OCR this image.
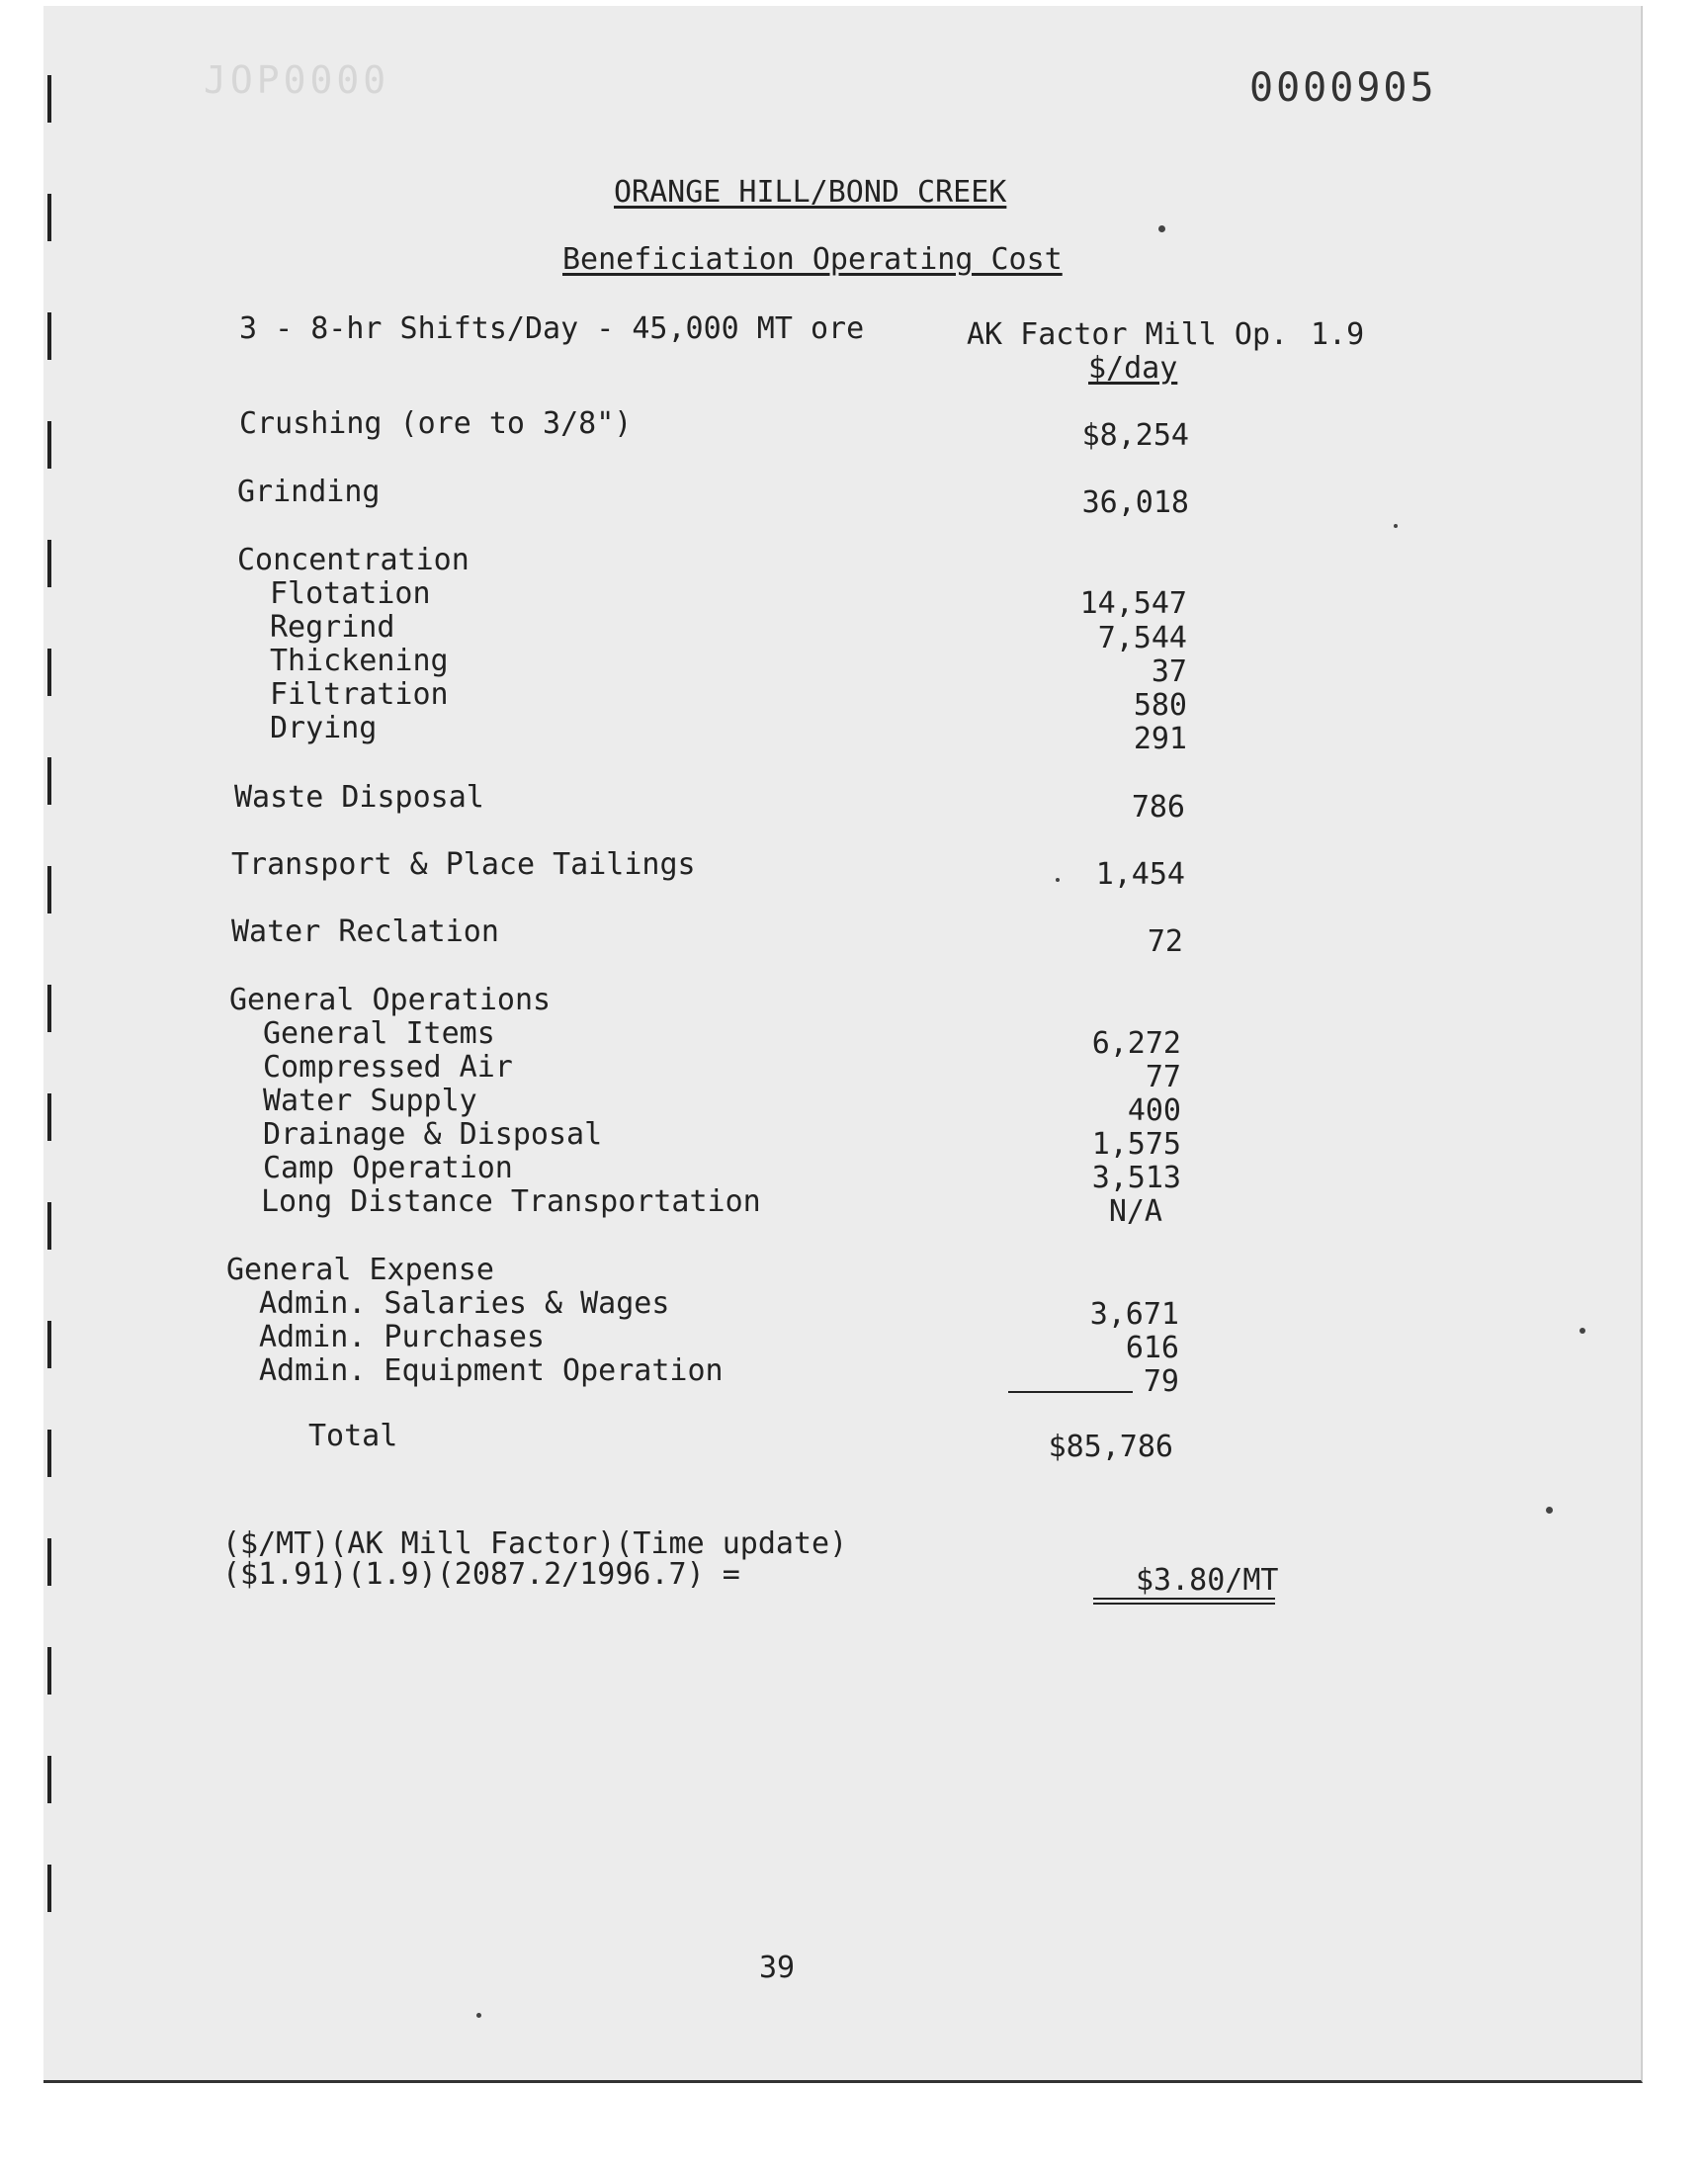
JOP0000	0000905
ORANGE HILL/BOND CREEK
Beneficiation Operating Cost
3 - 8-hr Shifts/Day - 45,000 MT ore	AK Factor Mill Op. 1.9
$/day
Crushing (ore to 3/8")	$8,254
Grinding	36,018
Concentration
Flotation	14,547
Regrind	7,544
Thickening	37
Filtration	580
Drying	291
Waste Disposal	786
Transport & Place Tailings	1,454
Water Reclation	72
General Operations
General Items	6,272
Compressed Air	77
Water Supply	400
Drainage & Disposal	1,575
Camp Operation	3,513
Long Distance Transportation	N/A
General Expense
Admin. Salaries & Wages	3,671
Admin. Purchases	616
Admin. Equipment Operation	79
Total	$85,786
($/MT)(AK Mill Factor)(Time update)
($1.91)(1.9)(2087.2/1996.7) =	$3.80/MT
39
